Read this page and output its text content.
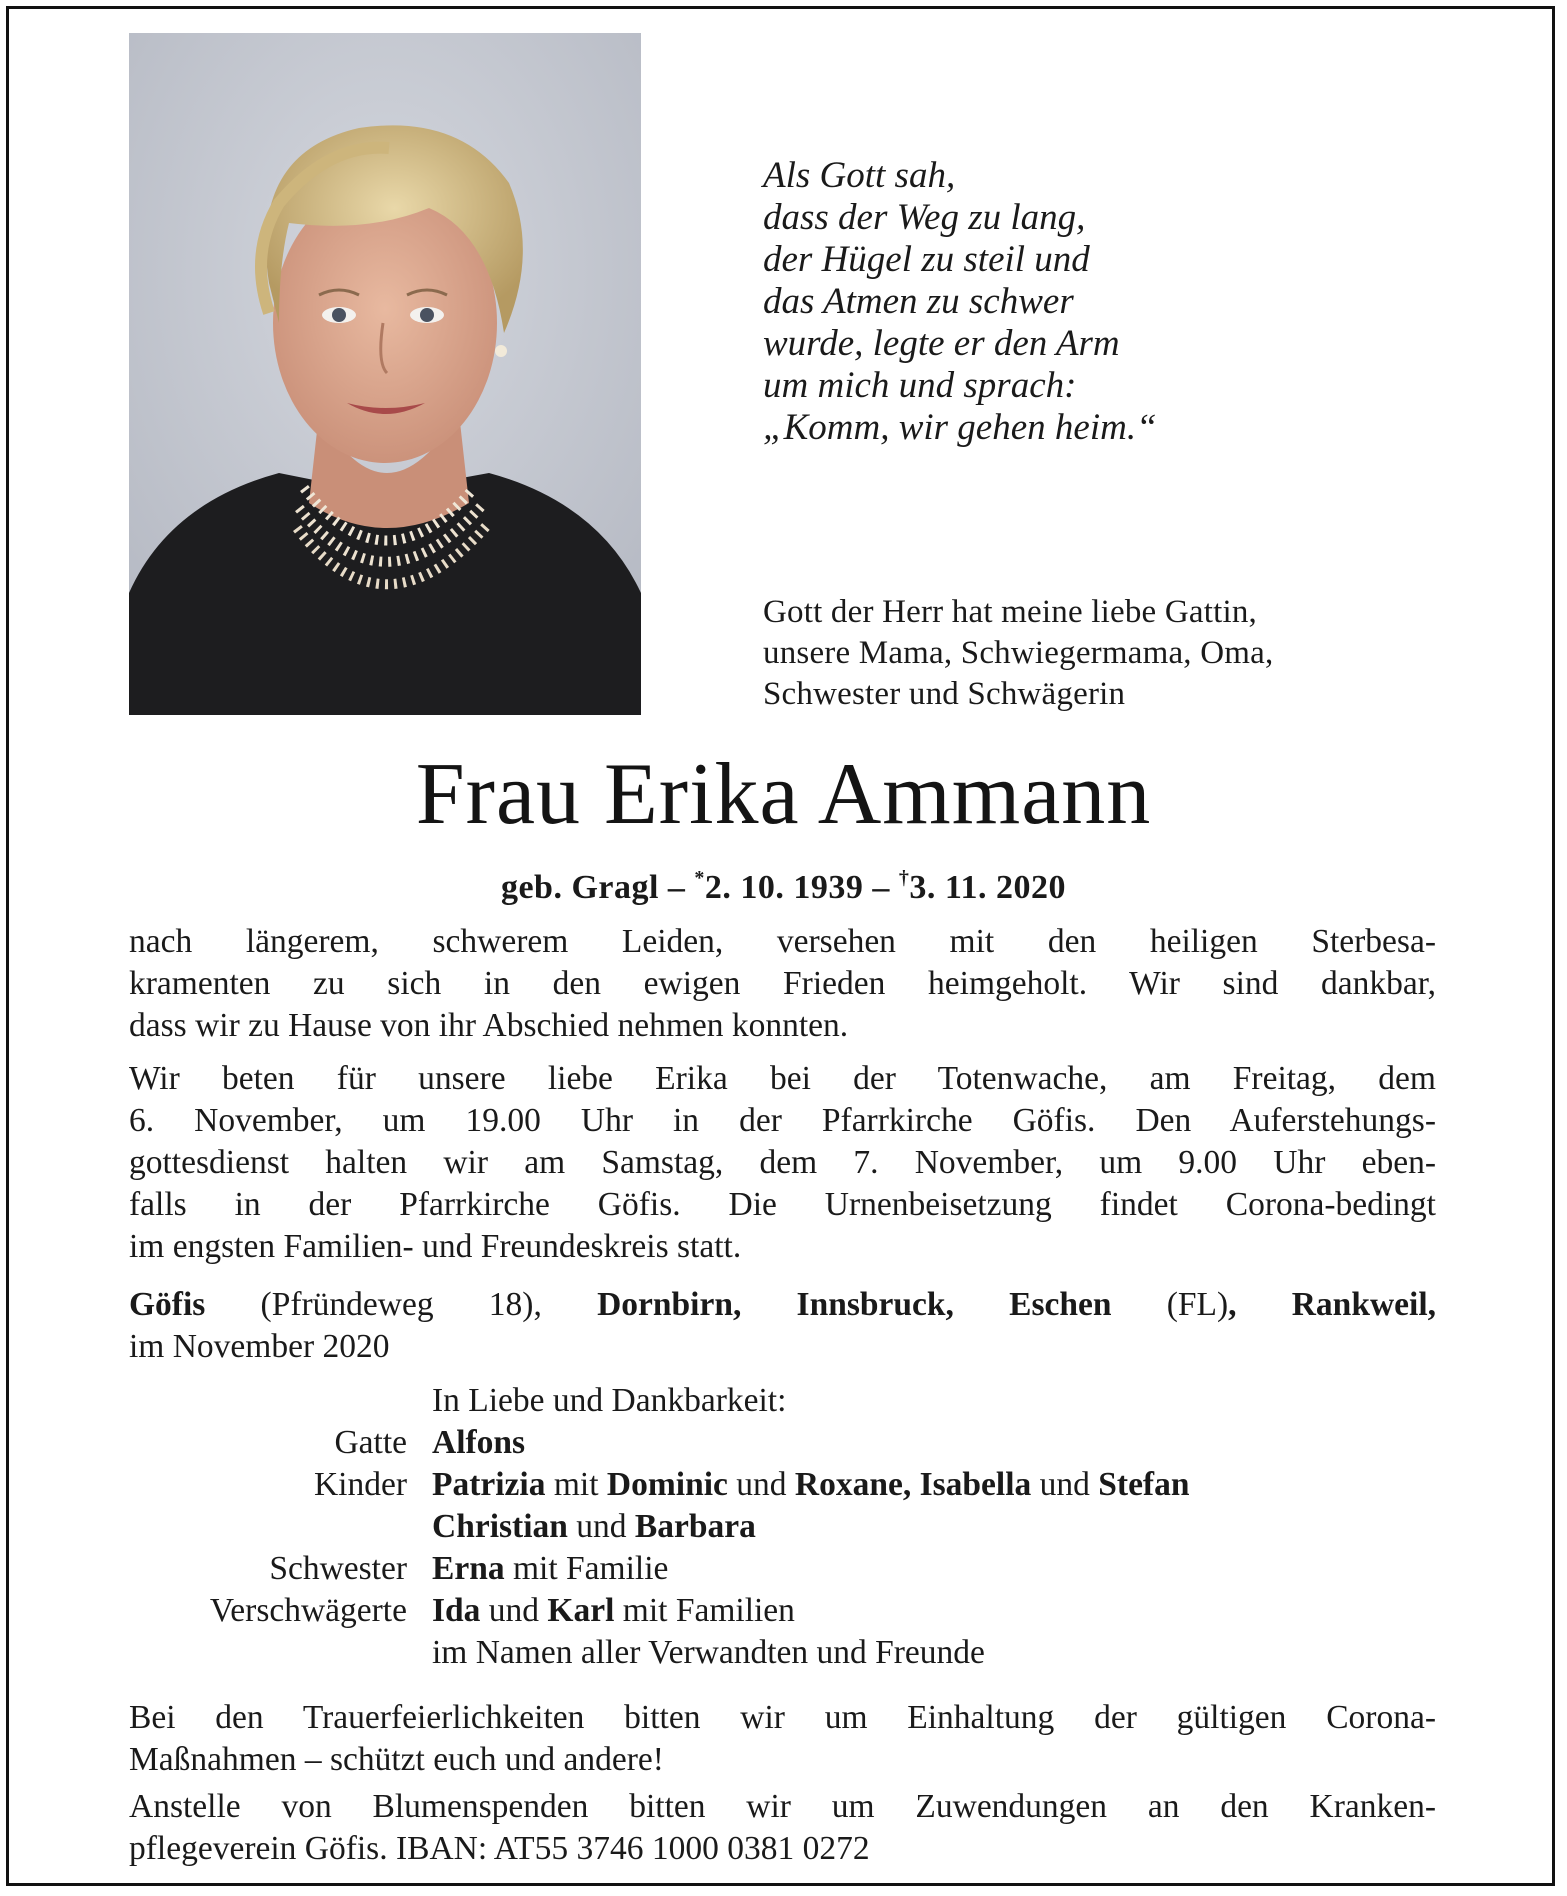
Als Gott sah,
dass der Weg zu lang,
der Hügel zu steil und
das Atmen zu schwer
wurde, legte er den Arm
um mich und sprach:
„Komm, wir gehen heim.“
Gott der Herr hat meine liebe Gattin,
unsere Mama, Schwiegermama, Oma,
Schwester und Schwägerin
Frau Erika Ammann
geb. Gragl – *2. 10. 1939 – †3. 11. 2020
nach längerem, schwerem Leiden, versehen mit den heiligen Sterbesa-
kramenten zu sich in den ewigen Frieden heimgeholt. Wir sind dankbar,
dass wir zu Hause von ihr Abschied nehmen konnten.
Wir beten für unsere liebe Erika bei der Totenwache, am Freitag, dem
6. November, um 19.00 Uhr in der Pfarrkirche Göfis. Den Auferstehungs-
gottesdienst halten wir am Samstag, dem 7. November, um 9.00 Uhr eben-
falls in der Pfarrkirche Göfis. Die Urnenbeisetzung findet Corona-bedingt
im engsten Familien- und Freundeskreis statt.
Göfis (Pfründeweg 18), Dornbirn, Innsbruck, Eschen (FL), Rankweil,
im November 2020
In Liebe und Dankbarkeit:
Gatte Alfons
Kinder Patrizia mit Dominic und Roxane, Isabella und Stefan
Christian und Barbara
Schwester Erna mit Familie
Verschwägerte Ida und Karl mit Familien
im Namen aller Verwandten und Freunde
Bei den Trauerfeierlichkeiten bitten wir um Einhaltung der gültigen Corona-
Maßnahmen – schützt euch und andere!
Anstelle von Blumenspenden bitten wir um Zuwendungen an den Kranken-
pflegeverein Göfis. IBAN: AT55 3746 1000 0381 0272
